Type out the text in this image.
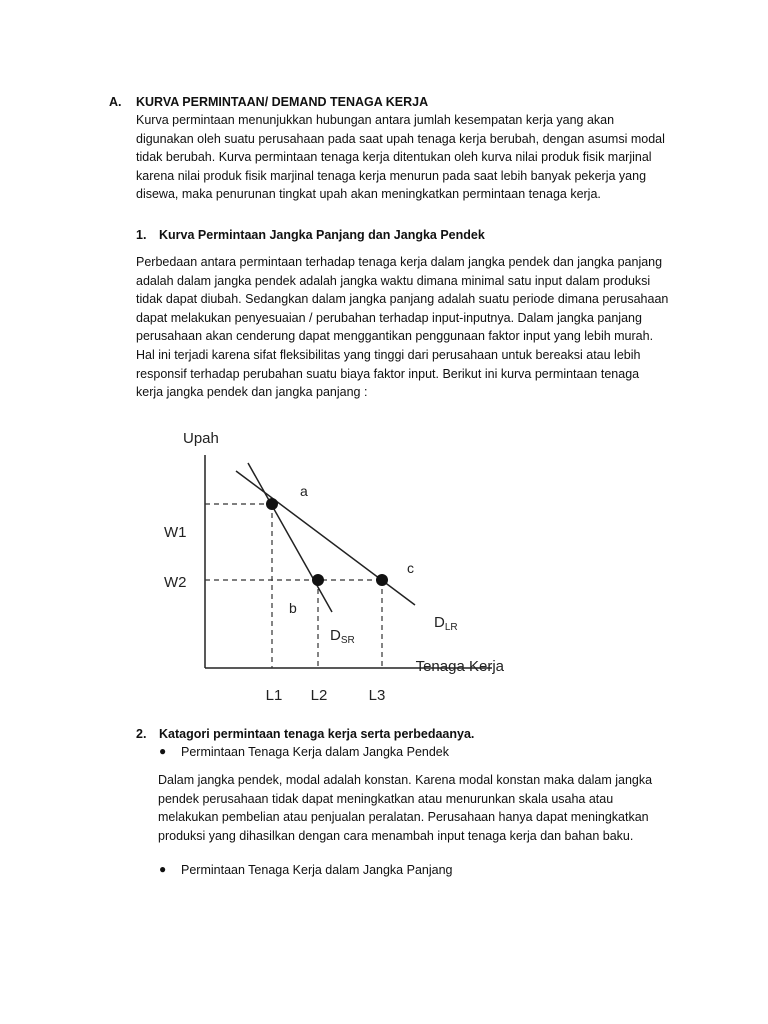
A. KURVA PERMINTAAN/ DEMAND TENAGA KERJA
Kurva permintaan menunjukkan hubungan antara jumlah kesempatan kerja yang akan
digunakan oleh suatu perusahaan pada saat upah tenaga kerja berubah, dengan asumsi modal
tidak berubah. Kurva permintaan tenaga kerja ditentukan oleh kurva nilai produk fisik marjinal
karena nilai produk fisik marjinal tenaga kerja menurun pada saat lebih banyak pekerja yang
disewa, maka penurunan tingkat upah akan meningkatkan permintaan tenaga kerja.
1. Kurva Permintaan Jangka Panjang dan Jangka Pendek
Perbedaan antara permintaan terhadap tenaga kerja dalam jangka pendek dan jangka panjang
adalah dalam jangka pendek adalah jangka waktu dimana minimal satu input dalam produksi
tidak dapat diubah. Sedangkan dalam jangka panjang adalah suatu periode dimana perusahaan
dapat melakukan penyesuaian / perubahan terhadap input-inputnya. Dalam jangka panjang
perusahaan akan cenderung dapat menggantikan penggunaan faktor input yang lebih murah.
Hal ini terjadi karena sifat fleksibilitas yang tinggi dari perusahaan untuk bereaksi atau lebih
responsif terhadap perubahan suatu biaya faktor input. Berikut ini kurva permintaan tenaga
kerja jangka pendek dan jangka panjang :
Upah
Tenaga Kerja
W1
W2
L1 L2	L3
a
b
c
$D_{SR}$
$D_{LR}$
2. Katagori permintaan tenaga kerja serta perbedaanya.
● Permintaan Tenaga Kerja dalam Jangka Pendek
Dalam jangka pendek, modal adalah konstan. Karena modal konstan maka dalam jangka
pendek perusahaan tidak dapat meningkatkan atau menurunkan skala usaha atau
melakukan pembelian atau penjualan peralatan. Perusahaan hanya dapat meningkatkan
produksi yang dihasilkan dengan cara menambah input tenaga kerja dan bahan baku.
● Permintaan Tenaga Kerja dalam Jangka Panjang
